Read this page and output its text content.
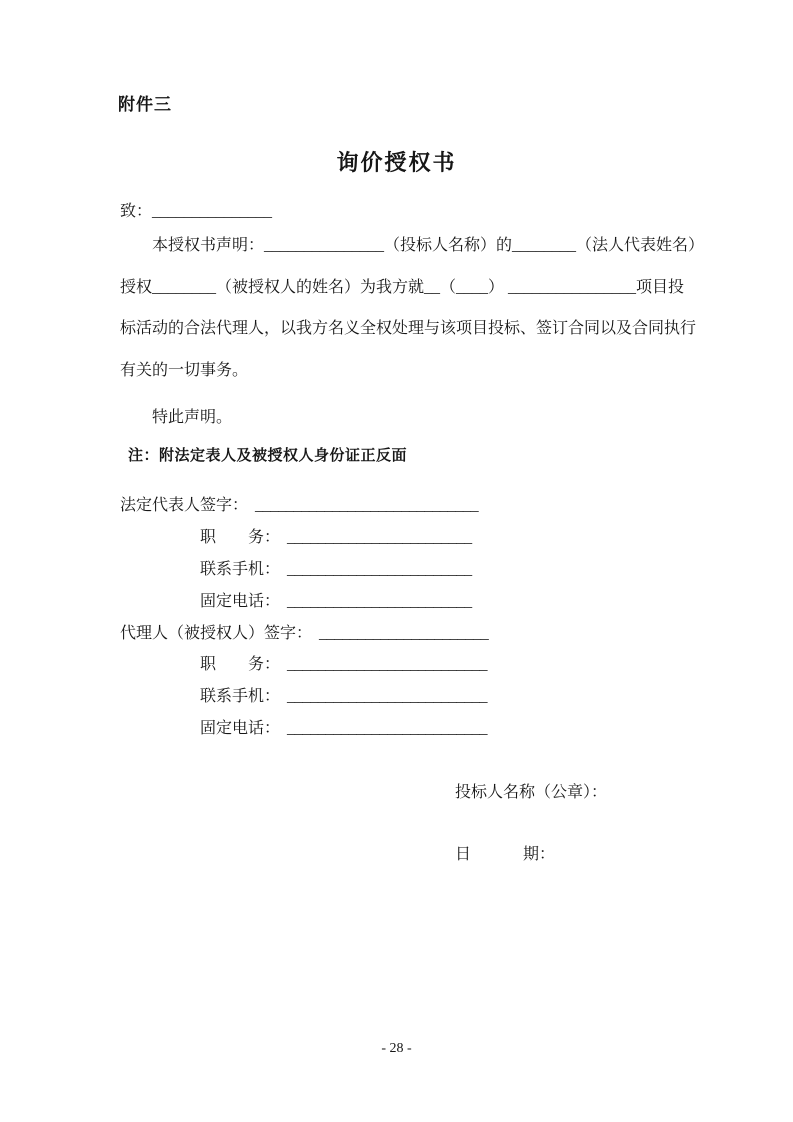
附件三
询价授权书
致：_______________
本授权书声明：_______________（投标人名称）的________（法人代表姓名）
授权________（被授权人的姓名）为我方就__（____） ________________项目投
标活动的合法代理人，以我方名义全权处理与该项目投标、签订合同以及合同执行
有关的一切事务。
特此声明。
注：附法定表人及被授权人身份证正反面
法定代表人签字： _____________________________
职        务： ________________________
联系手机： ________________________
固定电话： ________________________
代理人（被授权人）签字： ______________________
职        务： __________________________
联系手机： __________________________
固定电话： __________________________
投标人名称（公章）：
日             期：
- 28 -
